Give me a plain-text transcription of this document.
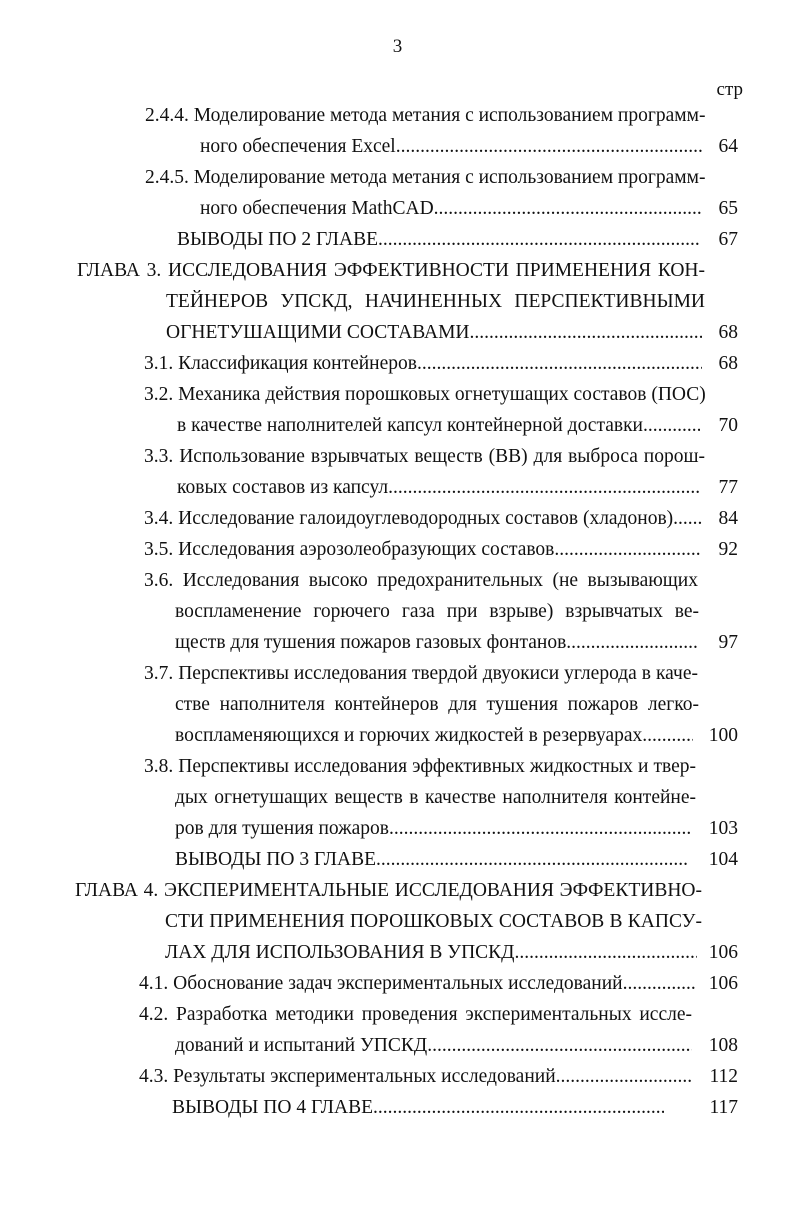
3
стр
2.4.4. Моделирование метода метания с использованием программ-
ного обеспечения Excel .....	64
2.4.5. Моделирование метода метания с использованием программ-
ного обеспечения MathCAD .....	65
ВЫВОДЫ ПО 2 ГЛАВЕ .....	67
ГЛАВА 3. ИССЛЕДОВАНИЯ ЭФФЕКТИВНОСТИ ПРИМЕНЕНИЯ КОН-
ТЕЙНЕРОВ УПСКД, НАЧИНЕННЫХ ПЕРСПЕКТИВНЫМИ
ОГНЕТУШАЩИМИ СОСТАВАМИ .....	68
3.1. Классификация контейнеров .....	68
3.2. Механика действия порошковых огнетушащих составов (ПОС)
в качестве наполнителей капсул контейнерной доставки .....	70
3.3. Использование взрывчатых веществ (ВВ) для выброса порош-
ковых составов из капсул .....	77
3.4. Исследование галоидоуглеводородных составов (хладонов) .....	84
3.5. Исследования аэрозолеобразующих составов .....	92
3.6. Исследования высоко предохранительных (не вызывающих
воспламенение горючего газа при взрыве) взрывчатых ве-
ществ для тушения пожаров газовых фонтанов .....	97
3.7. Перспективы исследования твердой двуокиси углерода в каче-
стве наполнителя контейнеров для тушения пожаров легко-
воспламеняющихся и горючих жидкостей в резервуарах .....	100
3.8. Перспективы исследования эффективных жидкостных и твер-
дых огнетушащих веществ в качестве наполнителя контейне-
ров для тушения пожаров .....	103
ВЫВОДЫ ПО 3 ГЛАВЕ .....	104
ГЛАВА 4. ЭКСПЕРИМЕНТАЛЬНЫЕ ИССЛЕДОВАНИЯ ЭФФЕКТИВНО-
СТИ ПРИМЕНЕНИЯ ПОРОШКОВЫХ СОСТАВОВ В КАПСУ-
ЛАХ ДЛЯ ИСПОЛЬЗОВАНИЯ В УПСКД .....	106
4.1. Обоснование задач экспериментальных исследований .....	106
4.2. Разработка методики проведения экспериментальных иссле-
дований и испытаний УПСКД .....	108
4.3. Результаты экспериментальных исследований .....	112
ВЫВОДЫ ПО 4 ГЛАВЕ .....	117
